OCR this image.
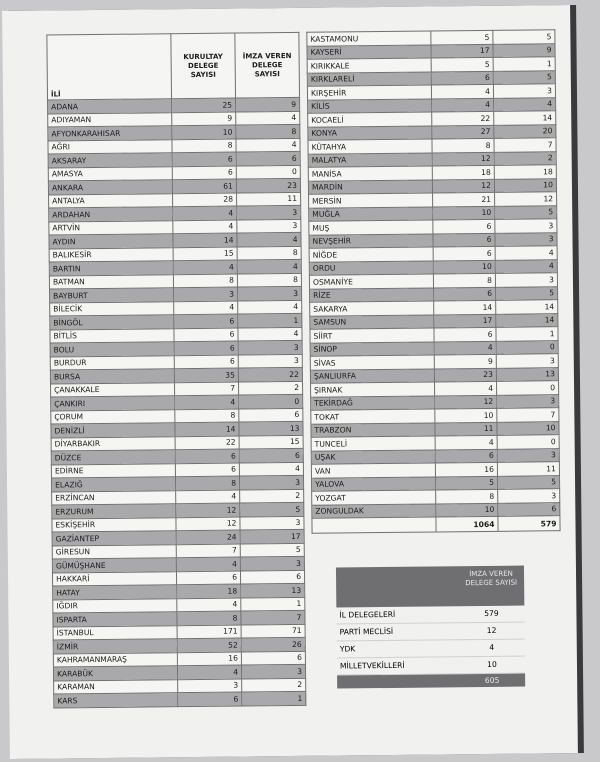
İLİ	KURULTAY DELEGE SAYISI	İMZA VEREN DELEGE SAYISI
ADANA	25	9
ADIYAMAN	9	4
AFYONKARAHISAR	10	8
AĞRI	8	4
AKSARAY	6	6
AMASYA	6	0
ANKARA	61	23
ANTALYA	28	11
ARDAHAN	4	3
ARTVİN	4	3
AYDIN	14	4
BALIKESİR	15	8
BARTIN	4	4
BATMAN	8	8
BAYBURT	3	3
BİLECİK	4	4
BİNGÖL	6	1
BİTLİS	6	4
BOLU	6	3
BURDUR	6	3
BURSA	35	22
ÇANAKKALE	7	2
ÇANKIRI	4	0
ÇORUM	8	6
DENİZLİ	14	13
DİYARBAKIR	22	15
DÜZCE	6	6
EDİRNE	6	4
ELAZIĞ	8	3
ERZİNCAN	4	2
ERZURUM	12	5
ESKİŞEHİR	12	3
GAZİANTEP	24	17
GİRESUN	7	5
GÜMÜŞHANE	4	3
HAKKARİ	6	6
HATAY	18	13
IĞDIR	4	1
ISPARTA	8	7
İSTANBUL	171	71
İZMİR	52	26
KAHRAMANMARAŞ	16	6
KARABÜK	4	3
KARAMAN	3	2
KARS	6	1
KASTAMONU	5	5
KAYSERİ	17	9
KIRIKKALE	5	1
KIRKLARELİ	6	5
KIRŞEHİR	4	3
KİLİS	4	4
KOCAELİ	22	14
KONYA	27	20
KÜTAHYA	8	7
MALATYA	12	2
MANİSA	18	18
MARDİN	12	10
MERSİN	21	12
MUĞLA	10	5
MUŞ	6	3
NEVŞEHİR	6	3
NİĞDE	6	4
ORDU	10	4
OSMANİYE	8	3
RİZE	6	5
SAKARYA	14	14
SAMSUN	17	14
SİİRT	6	1
SİNOP	4	0
SİVAS	9	3
ŞANLIURFA	23	13
ŞIRNAK	4	0
TEKİRDAĞ	12	3
TOKAT	10	7
TRABZON	11	10
TUNCELİ	4	0
UŞAK	6	3
VAN	16	11
YALOVA	5	5
YOZGAT	8	3
ZONGULDAK	10	6
	1064	579
İMZA VEREN DELEGE SAYISI
İL DELEGELERİ	579
PARTİ MECLİSİ	12
YDK	4
MİLLETVEKİLLERİ	10
605
